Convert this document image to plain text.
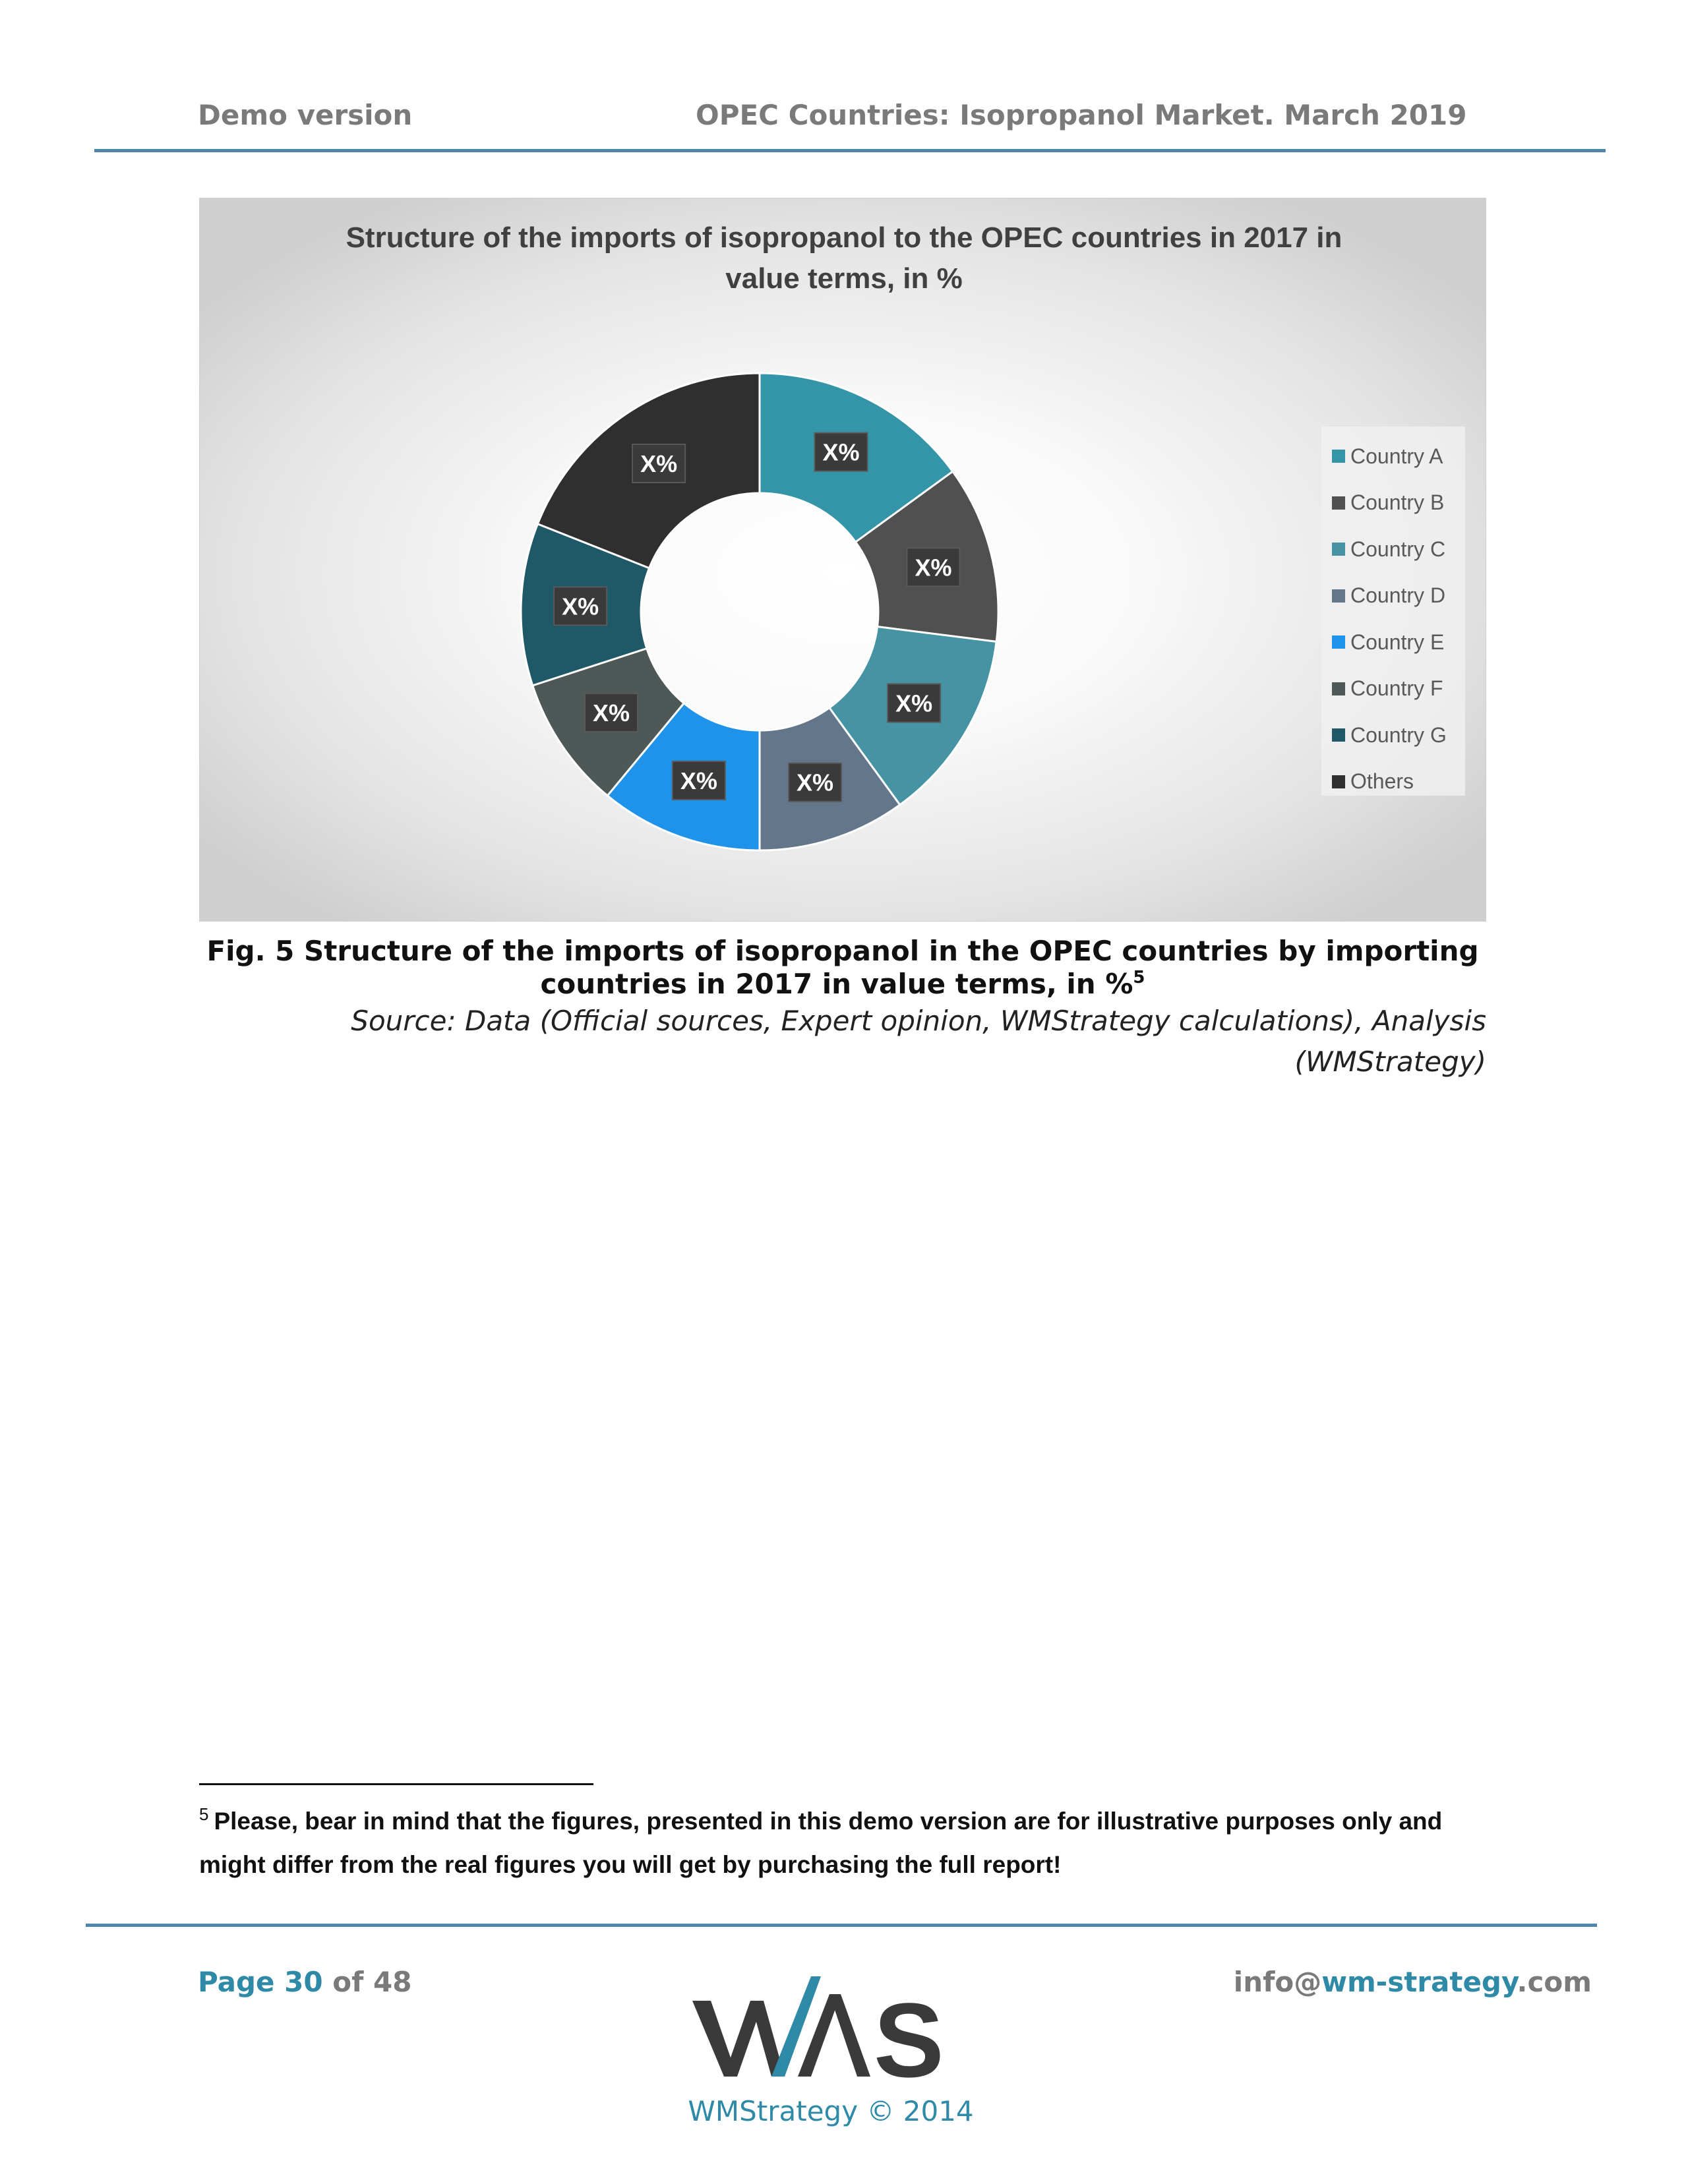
Demo version	OPEC Countries: Isopropanol Market. March 2019
Structure of the imports of isopropanol to the OPEC countries in 2017 in value terms, in %
X%
X%
X%
X%
X%
X%
X%
X%	Country A
Country B
Country C
Country D
Country E
Country F
Country G
Others
Fig. 5 Structure of the imports of isopropanol in the OPEC countries by importing
countries in 2017 in value terms, in %$^5$
Source: Data (Official sources, Expert opinion, WMStrategy calculations), Analysis
(WMStrategy)
$^5$ Please, bear in mind that the figures, presented in this demo version are for illustrative purposes only and might differ from the real figures you will get by purchasing the full report!
Page 30 of 48	info@wm-strategy.com
S
WMStrategy © 2014
